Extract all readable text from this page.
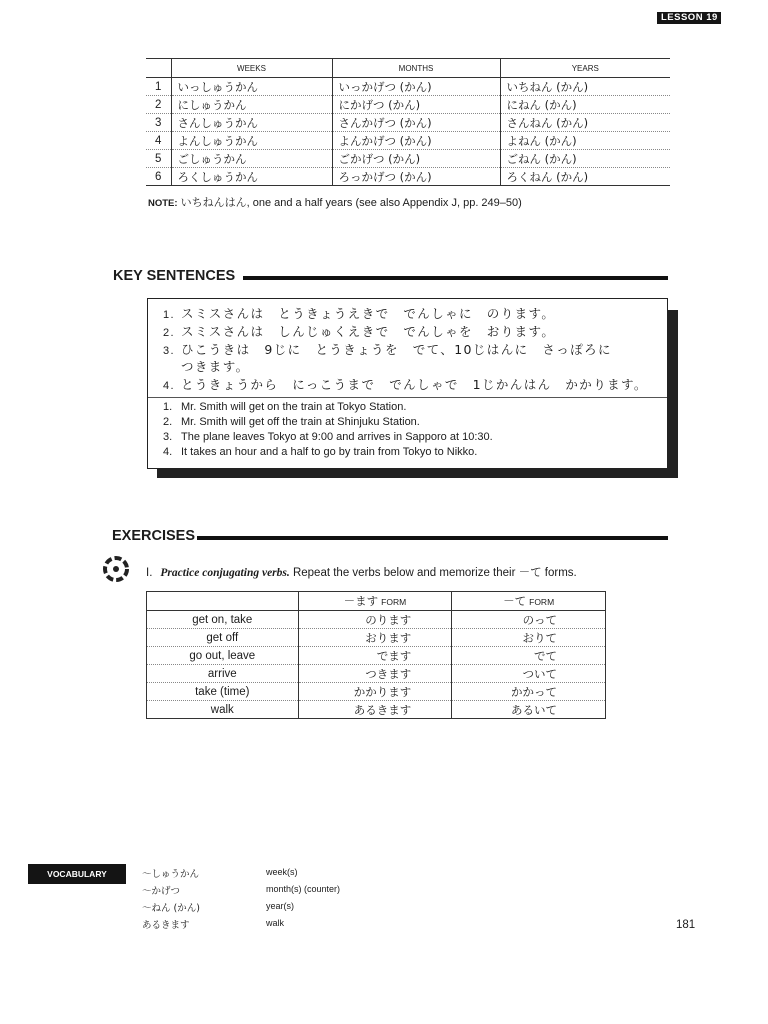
LESSON 19
	WEEKS	MONTHS	YEARS
1	いっしゅうかん	いっかげつ (かん)	いちねん (かん)
2	にしゅうかん	にかげつ (かん)	にねん (かん)
3	さんしゅうかん	さんかげつ (かん)	さんねん (かん)
4	よんしゅうかん	よんかげつ (かん)	よねん (かん)
5	ごしゅうかん	ごかげつ (かん)	ごねん (かん)
6	ろくしゅうかん	ろっかげつ (かん)	ろくねん (かん)
NOTE: いちねんはん, one and a half years (see also Appendix J, pp. 249–50)
KEY SENTENCES
1. スミスさんは　とうきょうえきで　でんしゃに　のります。
2. スミスさんは　しんじゅくえきで　でんしゃを　おります。
3. ひこうきは　9じに　とうきょうを　でて、10じはんに　さっぽろに
つきます。
4. とうきょうから　にっこうまで　でんしゃで　1じかんはん　かかります。
1. Mr. Smith will get on the train at Tokyo Station.
2. Mr. Smith will get off the train at Shinjuku Station.
3. The plane leaves Tokyo at 9:00 and arrives in Sapporo at 10:30.
4. It takes an hour and a half to go by train from Tokyo to Nikko.
EXERCISES
I. Practice conjugating verbs. Repeat the verbs below and memorize their －て forms.
	－ます FORM	－て FORM
get on, take	のります	のって
get off	おります	おりて
go out, leave	でます	でて
arrive	つきます	ついて
take (time)	かかります	かかって
walk	あるきます	あるいて
VOCABULARY	～しゅうかん	week(s)
～かげつ	month(s) (counter)
～ねん (かん)	year(s)
あるきます	walk	181
